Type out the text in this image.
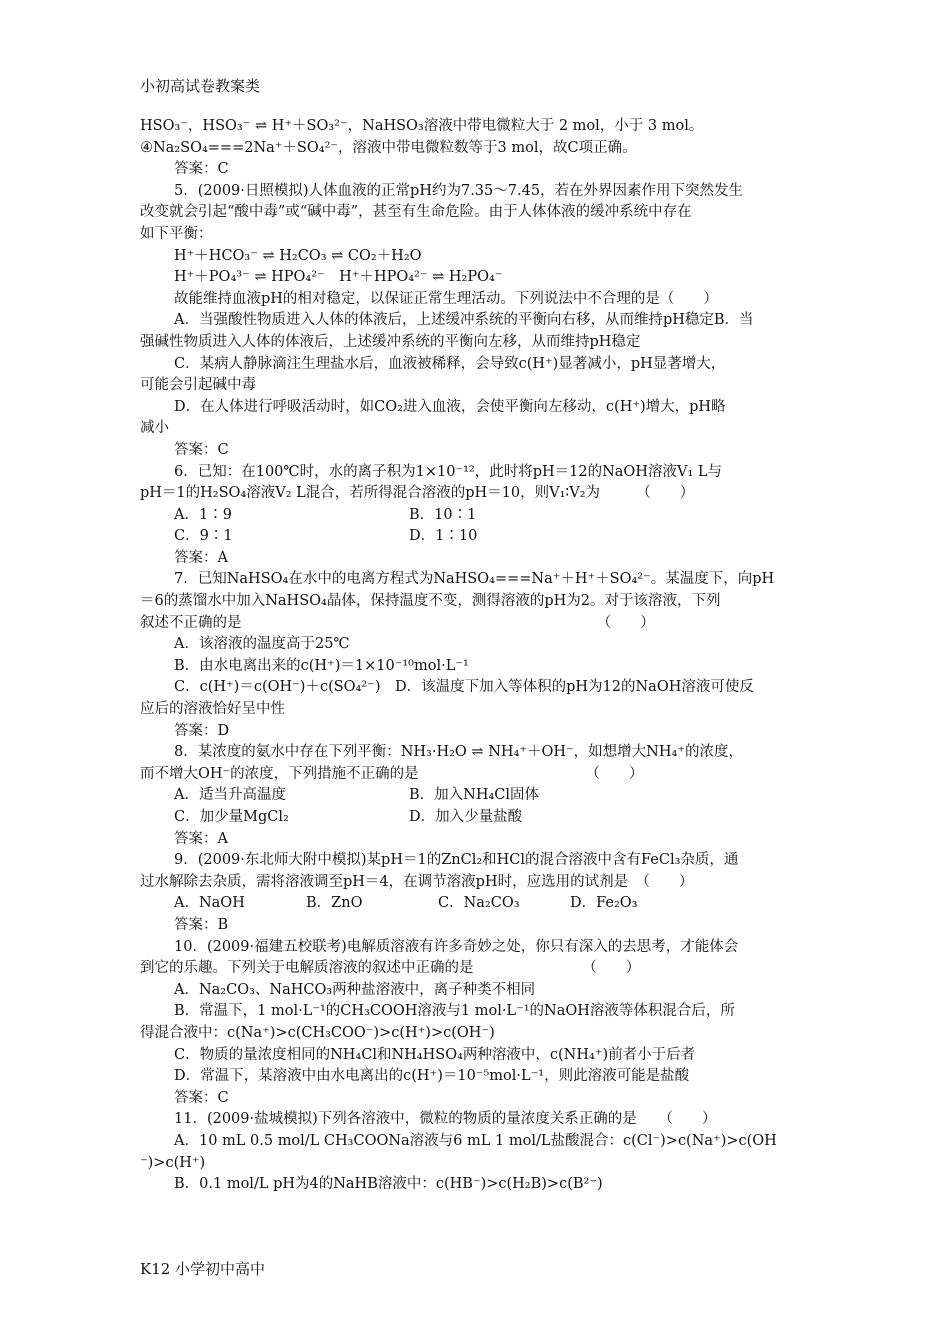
小初高试卷教案类
HSO₃⁻，HSO₃⁻ ⇌ H⁺＋SO₃²⁻，NaHSO₃溶液中带电微粒大于 2 mol，小于 3 mol。
④Na₂SO₄===2Na⁺＋SO₄²⁻，溶液中带电微粒数等于3 mol，故C项正确。
答案：C
5．(2009·日照模拟)人体血液的正常pH约为7.35～7.45，若在外界因素作用下突然发生
改变就会引起“酸中毒”或“碱中毒”，甚至有生命危险。由于人体体液的缓冲系统中存在
如下平衡：
H⁺＋HCO₃⁻ ⇌ H₂CO₃ ⇌ CO₂＋H₂O
H⁺＋PO₄³⁻ ⇌ HPO₄²⁻　H⁺＋HPO₄²⁻ ⇌ H₂PO₄⁻
故能维持血液pH的相对稳定，以保证正常生理活动。下列说法中不合理的是（　　）
A．当强酸性物质进入人体的体液后，上述缓冲系统的平衡向右移，从而维持pH稳定B．当
强碱性物质进入人体的体液后，上述缓冲系统的平衡向左移，从而维持pH稳定
C．某病人静脉滴注生理盐水后，血液被稀释，会导致c(H⁺)显著减小，pH显著增大，
可能会引起碱中毒
D．在人体进行呼吸活动时，如CO₂进入血液，会使平衡向左移动，c(H⁺)增大，pH略
减小
答案：C
6．已知：在100℃时，水的离子积为1×10⁻¹²，此时将pH＝12的NaOH溶液V₁ L与
pH＝1的H₂SO₄溶液V₂ L混合，若所得混合溶液的pH＝10，则V₁∶V₂为　　　（　　）
A．1∶9	B．10∶1
C．9∶1	D．1∶10
答案：A
7．已知NaHSO₄在水中的电离方程式为NaHSO₄===Na⁺＋H⁺＋SO₄²⁻。某温度下，向pH
＝6的蒸馏水中加入NaHSO₄晶体，保持温度不变，测得溶液的pH为2。对于该溶液，下列
叙述不正确的是　　　　　　　　　　　　　　　　　　　　　　　　　（　　）
A．该溶液的温度高于25℃
B．由水电离出来的c(H⁺)＝1×10⁻¹⁰mol·L⁻¹
C．c(H⁺)＝c(OH⁻)＋c(SO₄²⁻)　D．该温度下加入等体积的pH为12的NaOH溶液可使反
应后的溶液恰好呈中性
答案：D
8．某浓度的氨水中存在下列平衡：NH₃·H₂O ⇌ NH₄⁺＋OH⁻，如想增大NH₄⁺的浓度，
而不增大OH⁻的浓度，下列措施不正确的是　　　　　　　　　　　　（　　）
A．适当升高温度	B．加入NH₄Cl固体
C．加少量MgCl₂	D．加入少量盐酸
答案：A
9．(2009·东北师大附中模拟)某pH＝1的ZnCl₂和HCl的混合溶液中含有FeCl₃杂质，通
过水解除去杂质，需将溶液调至pH＝4，在调节溶液pH时，应选用的试剂是　（　　）
A．NaOH	B．ZnO	C．Na₂CO₃	D．Fe₂O₃
答案：B
10．(2009·福建五校联考)电解质溶液有许多奇妙之处，你只有深入的去思考，才能体会
到它的乐趣。下列关于电解质溶液的叙述中正确的是　　　　　　　　（　　）
A．Na₂CO₃、NaHCO₃两种盐溶液中，离子种类不相同
B．常温下，1 mol·L⁻¹的CH₃COOH溶液与1 mol·L⁻¹的NaOH溶液等体积混合后，所
得混合液中：c(Na⁺)>c(CH₃COO⁻)>c(H⁺)>c(OH⁻)
C．物质的量浓度相同的NH₄Cl和NH₄HSO₄两种溶液中，c(NH₄⁺)前者小于后者
D．常温下，某溶液中由水电离出的c(H⁺)＝10⁻⁵mol·L⁻¹，则此溶液可能是盐酸
答案：C
11．(2009·盐城模拟)下列各溶液中，微粒的物质的量浓度关系正确的是　　（　　）
A．10 mL 0.5 mol/L CH₃COONa溶液与6 mL 1 mol/L盐酸混合：c(Cl⁻)>c(Na⁺)>c(OH
⁻)>c(H⁺)
B．0.1 mol/L pH为4的NaHB溶液中：c(HB⁻)>c(H₂B)>c(B²⁻)
K12 小学初中高中
